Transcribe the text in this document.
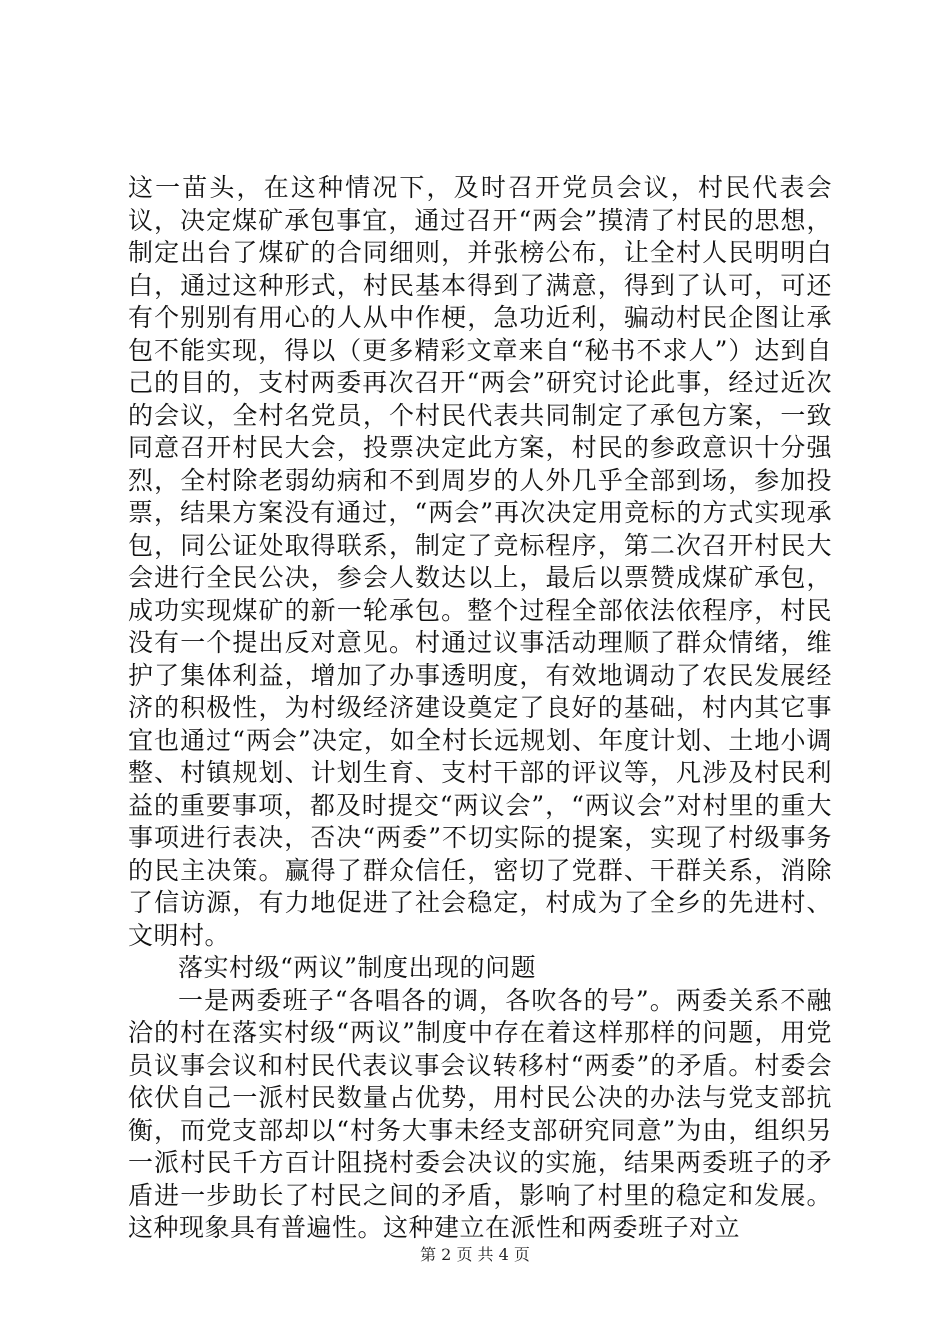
这一苗头，在这种情况下，及时召开党员会议，村民代表会议，决定煤矿承包事宜，通过召开“两会”摸清了村民的思想，制定出台了煤矿的合同细则，并张榜公布，让全村人民明明白白，通过这种形式，村民基本得到了满意，得到了认可，可还有个别别有用心的人从中作梗，急功近利，骗动村民企图让承包不能实现，得以（更多精彩文章来自“秘书不求人”）达到自己的目的，支村两委再次召开“两会”研究讨论此事，经过近次的会议，全村名党员，个村民代表共同制定了承包方案，一致同意召开村民大会，投票决定此方案，村民的参政意识十分强烈，全村除老弱幼病和不到周岁的人外几乎全部到场，参加投票，结果方案没有通过，“两会”再次决定用竞标的方式实现承包，同公证处取得联系，制定了竞标程序，第二次召开村民大会进行全民公决，参会人数达以上，最后以票赞成煤矿承包，成功实现煤矿的新一轮承包。整个过程全部依法依程序，村民没有一个提出反对意见。村通过议事活动理顺了群众情绪，维护了集体利益，增加了办事透明度，有效地调动了农民发展经济的积极性，为村级经济建设奠定了良好的基础，村内其它事宜也通过“两会”决定，如全村长远规划、年度计划、土地小调整、村镇规划、计划生育、支村干部的评议等，凡涉及村民利益的重要事项，都及时提交“两议会”，“两议会”对村里的重大事项进行表决，否决“两委”不切实际的提案，实现了村级事务的民主决策。赢得了群众信任，密切了党群、干群关系，消除了信访源，有力地促进了社会稳定，村成为了全乡的先进村、文明村。

落实村级“两议”制度出现的问题

一是两委班子“各唱各的调，各吹各的号”。两委关系不融洽的村在落实村级“两议”制度中存在着这样那样的问题，用党员议事会议和村民代表议事会议转移村“两委”的矛盾。村委会依伏自己一派村民数量占优势，用村民公决的办法与党支部抗衡，而党支部却以“村务大事未经支部研究同意”为由，组织另一派村民千方百计阻挠村委会决议的实施，结果两委班子的矛盾进一步助长了村民之间的矛盾，影响了村里的稳定和发展。这种现象具有普遍性。这种建立在派性和两委班子对立

第 2 页 共 4 页
